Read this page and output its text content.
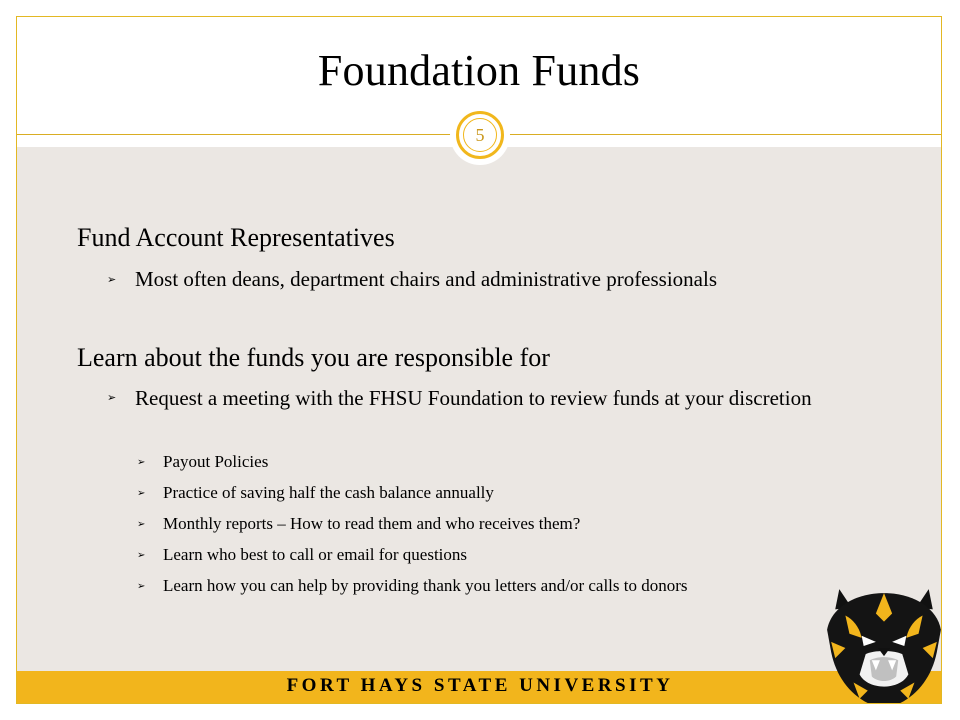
Foundation Funds
Fund Account Representatives
➢ Most often deans, department chairs and administrative professionals
Learn about the funds you are responsible for
➢ Request a meeting with the FHSU Foundation to review funds at your discretion
➢ Payout Policies
➢ Practice of saving half the cash balance annually
➢ Monthly reports – How to read them and who receives them?
➢ Learn who best to call or email for questions
➢ Learn how you can help by providing thank you letters and/or calls to donors
5
FORT HAYS STATE UNIVERSITY
